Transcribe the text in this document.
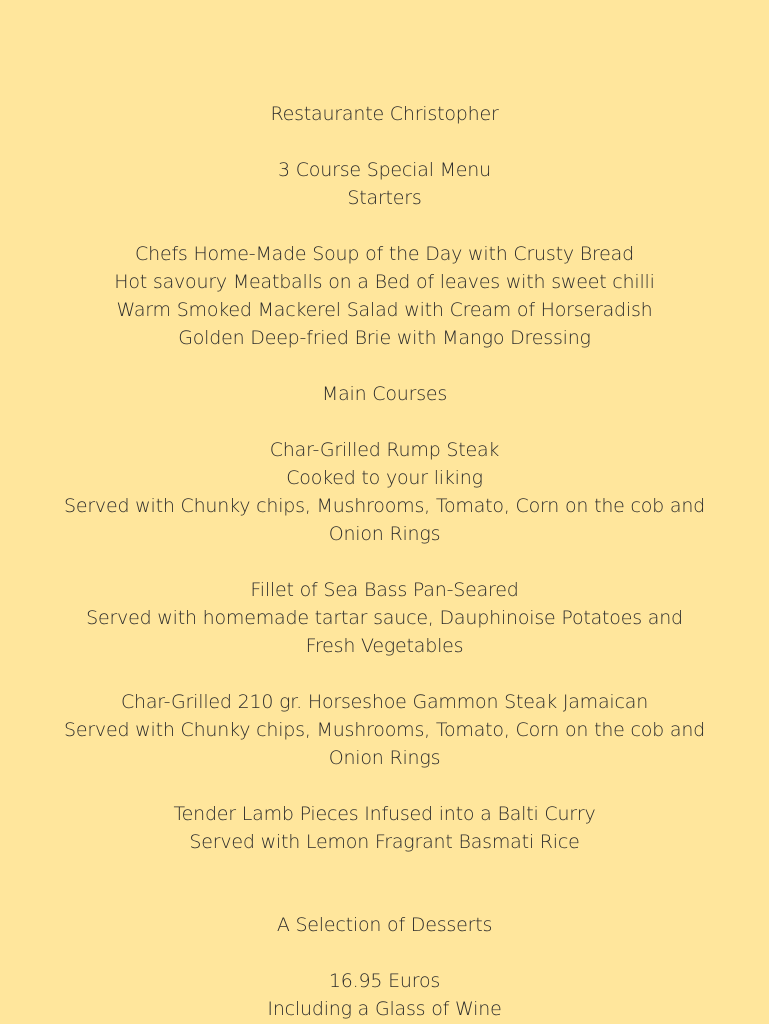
Restaurante Christopher
3 Course Special Menu
Starters
Chefs Home-Made Soup of the Day with Crusty Bread
Hot savoury Meatballs on a Bed of leaves with sweet chilli
Warm Smoked Mackerel Salad with Cream of Horseradish
Golden Deep-fried Brie with Mango Dressing
Main Courses
Char-Grilled Rump Steak
Cooked to your liking
Served with Chunky chips, Mushrooms, Tomato, Corn on the cob and Onion Rings
Fillet of Sea Bass Pan-Seared
Served with homemade tartar sauce, Dauphinoise Potatoes and Fresh Vegetables
Char-Grilled 210 gr. Horseshoe Gammon Steak Jamaican
Served with Chunky chips, Mushrooms, Tomato, Corn on the cob and Onion Rings
Tender Lamb Pieces Infused into a Balti Curry
Served with Lemon Fragrant Basmati Rice
A Selection of Desserts
16.95 Euros
Including a Glass of Wine
